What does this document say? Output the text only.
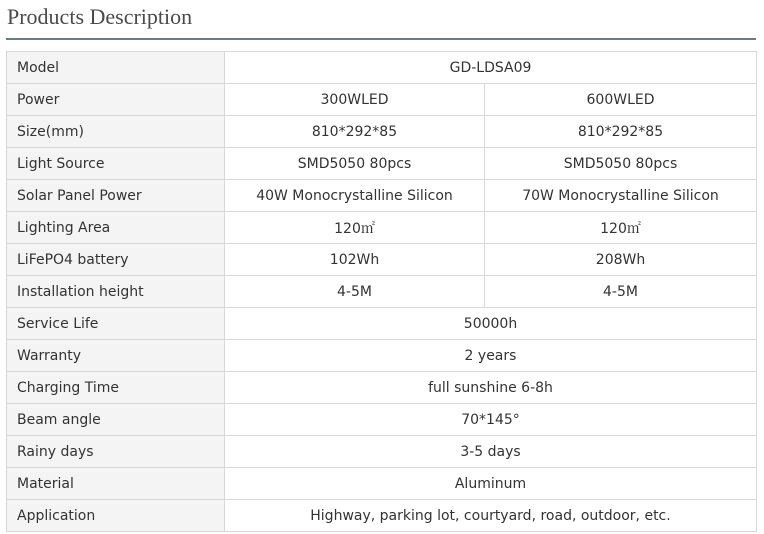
Products Description
Model	GD-LDSA09	
Power	300WLED	600WLED
Size(mm)	810*292*85	810*292*85
Light Source	SMD5050 80pcs	SMD5050 80pcs
Solar Panel Power	40W Monocrystalline Silicon	70W Monocrystalline Silicon
Lighting Area	120㎡	120㎡
LiFePO4 battery	102Wh	208Wh
Installation height	4-5M	4-5M
Service Life	50000h	
Warranty	2 years	
Charging Time	full sunshine 6-8h	
Beam angle	70*145°	
Rainy days	3-5 days	
Material	Aluminum	
Application	Highway, parking lot, courtyard, road, outdoor, etc.	
